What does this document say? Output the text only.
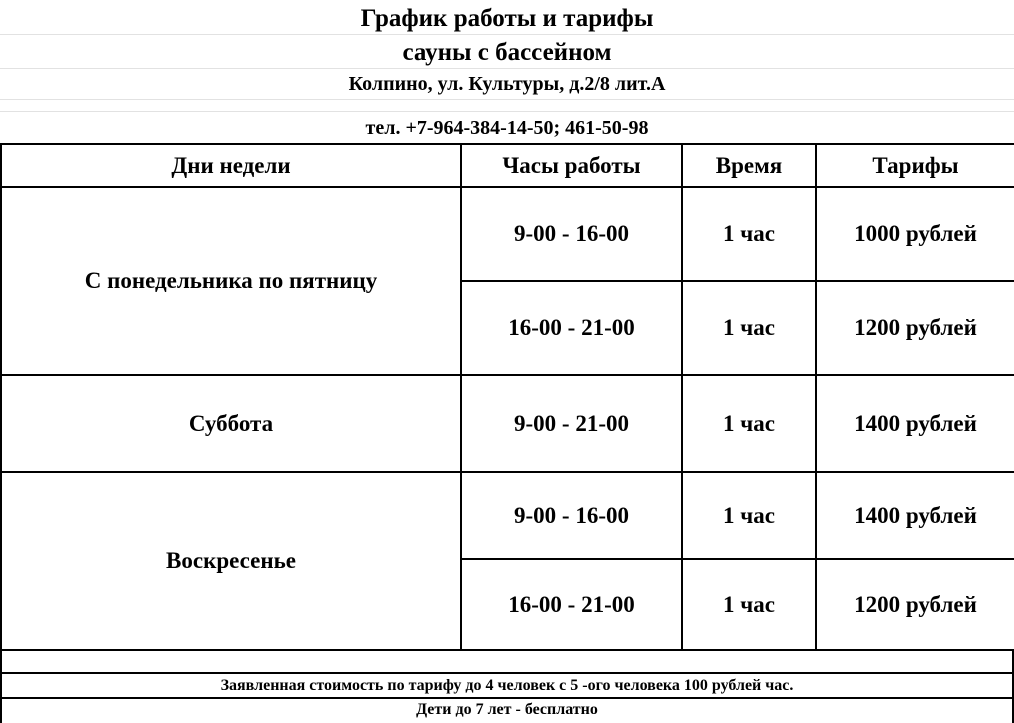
График работы и тарифы
сауны с бассейном
Колпино, ул. Культуры, д.2/8 лит.А
тел. +7-964-384-14-50; 461-50-98
Дни недели	Часы работы	Время	Тарифы
С понедельника по пятницу	9-00 - 16-00	1 час	1000 рублей
	16-00 - 21-00	1 час	1200 рублей
Суббота	9-00 - 21-00	1 час	1400 рублей
Воскресенье	9-00 - 16-00	1 час	1400 рублей
	16-00 - 21-00	1 час	1200 рублей
Заявленная стоимость по тарифу до 4 человек с 5 -ого человека 100 рублей час.
Дети до 7 лет - бесплатно
